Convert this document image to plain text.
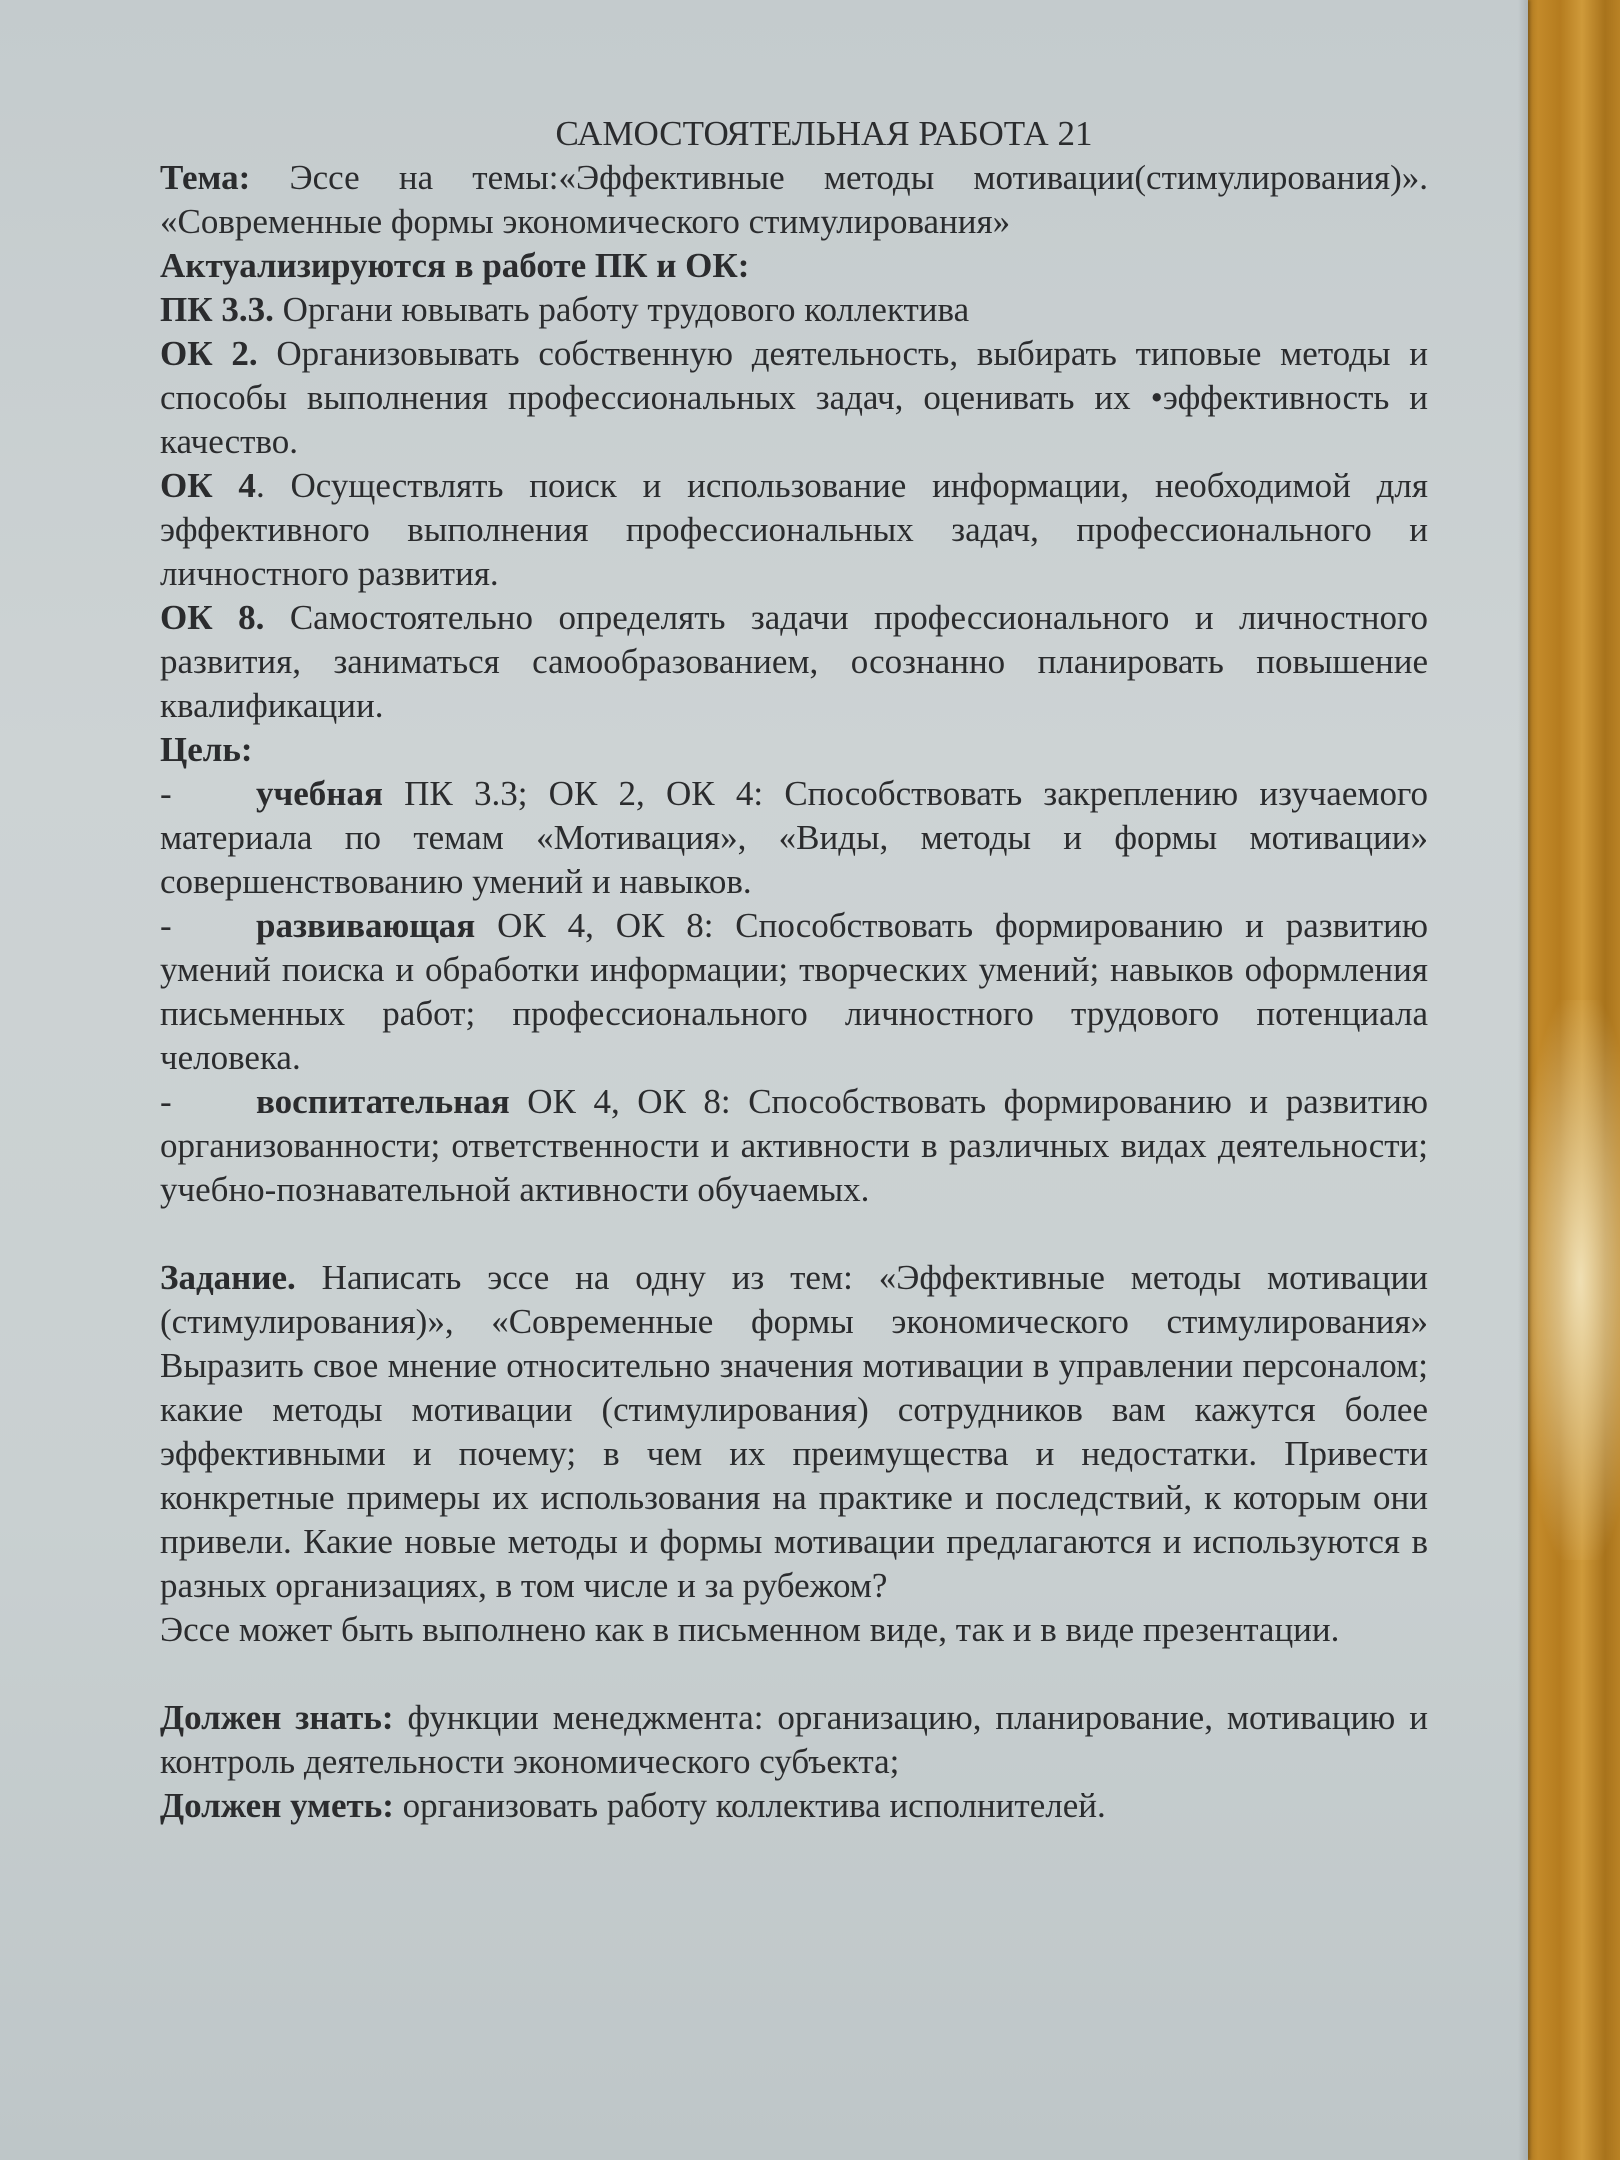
САМОСТОЯТЕЛЬНАЯ РАБОТА 21

Тема: Эссе на темы:«Эффективные методы мотивации(стимулирования)». «Современные формы экономического стимулирования»

Актуализируются в работе ПК и ОК:

ПК 3.3. Органи ювывать работу трудового коллектива

ОК 2. Организовывать собственную деятельность, выбирать типовые методы и способы выполнения профессиональных задач, оценивать их •эффективность и качество.

ОК 4. Осуществлять поиск и использование информации, необходимой для эффективного выполнения профессиональных задач, профессионального и личностного развития.

ОК 8. Самостоятельно определять задачи профессионального и личностного развития, заниматься самообразованием, осознанно планировать повышение квалификации.

Цель:

- учебная ПК 3.3; ОК 2, ОК 4: Способствовать закреплению изучаемого материала по темам «Мотивация», «Виды, методы и формы мотивации» совершенствованию умений и навыков.

- развивающая ОК 4, ОК 8: Способствовать формированию и развитию умений поиска и обработки информации; творческих умений; навыков оформления письменных работ; профессионального личностного трудового потенциала человека.

- воспитательная ОК 4, ОК 8: Способствовать формированию и развитию организованности; ответственности и активности в различных видах деятельности; учебно-познавательной активности обучаемых.

Задание. Написать эссе на одну из тем: «Эффективные методы мотивации (стимулирования)», «Современные формы экономического стимулирования» Выразить свое мнение относительно значения мотивации в управлении персоналом; какие методы мотивации (стимулирования) сотрудников вам кажутся более эффективными и почему; в чем их преимущества и недостатки. Привести конкретные примеры их использования на практике и последствий, к которым они привели. Какие новые методы и формы мотивации предлагаются и используются в разных организациях, в том числе и за рубежом?

Эссе может быть выполнено как в письменном виде, так и в виде презентации.

Должен знать: функции менеджмента: организацию, планирование, мотивацию и контроль деятельности экономического субъекта;

Должен уметь: организовать работу коллектива исполнителей.
